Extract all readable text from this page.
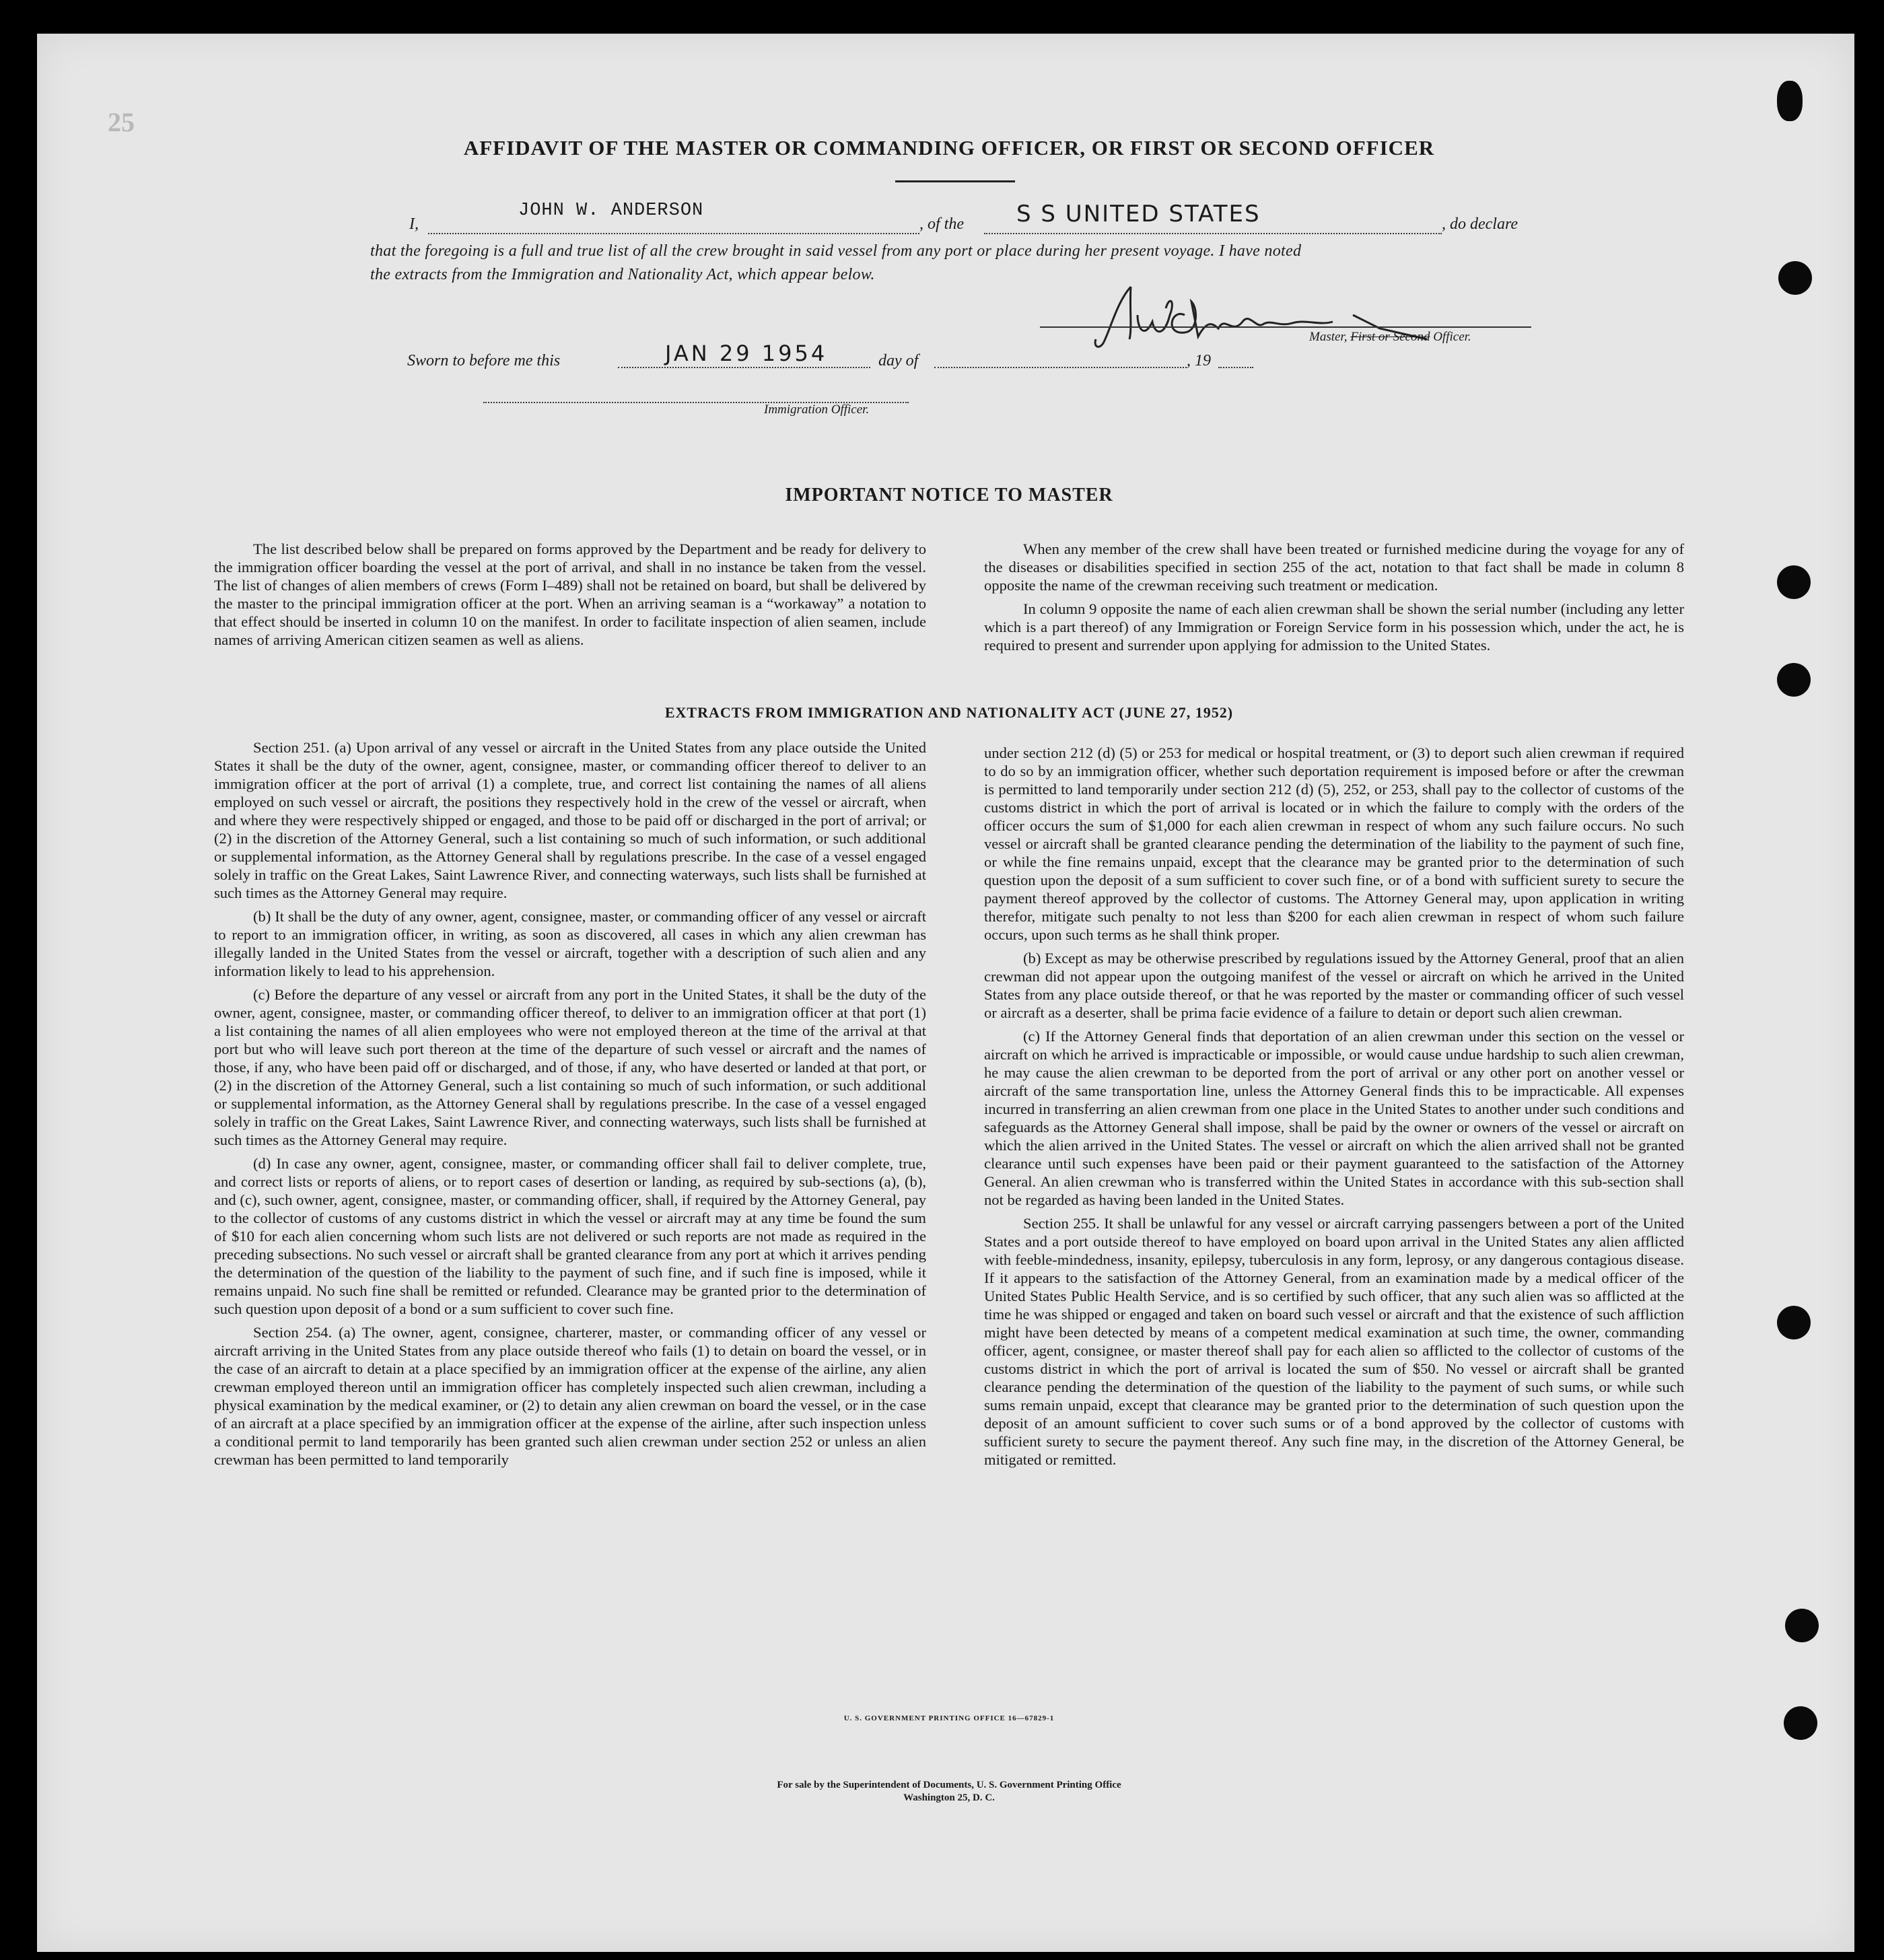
25
AFFIDAVIT OF THE MASTER OR COMMANDING OFFICER, OR FIRST OR SECOND OFFICER
I,
JOHN W. ANDERSON
, of the S S UNITED STATES	, do declare
that the foregoing is a full and true list of all the crew brought in said vessel from any port or place during her present voyage. I have noted
the extracts from the Immigration and Nationality Act, which appear below.
Master, First or Second Officer.
Sworn to before me this	JAN 29 1954	day of	, 19
Immigration Officer.
IMPORTANT NOTICE TO MASTER

The list described below shall be prepared on forms approved by the Department and be ready for delivery to the immigration officer boarding the vessel at the port of arrival, and shall in no instance be taken from the vessel. The list of changes of alien members of crews (Form I–489) shall not be retained on board, but shall be delivered by the master to the principal immigration officer at the port. When an arriving seaman is a “workaway” a notation to that effect should be inserted in column 10 on the manifest. In order to facilitate inspection of alien seamen, include names of arriving American citizen seamen as well as aliens.

When any member of the crew shall have been treated or furnished medicine during the voyage for any of the diseases or disabilities specified in section 255 of the act, notation to that fact shall be made in column 8 opposite the name of the crewman receiving such treatment or medication.

In column 9 opposite the name of each alien crewman shall be shown the serial number (including any letter which is a part thereof) of any Immigration or Foreign Service form in his possession which, under the act, he is required to present and surrender upon applying for admission to the United States.

EXTRACTS FROM IMMIGRATION AND NATIONALITY ACT (JUNE 27, 1952)

Section 251. (a) Upon arrival of any vessel or aircraft in the United States from any place outside the United States it shall be the duty of the owner, agent, consignee, master, or commanding officer thereof to deliver to an immigration officer at the port of arrival (1) a complete, true, and correct list containing the names of all aliens employed on such vessel or aircraft, the positions they respectively hold in the crew of the vessel or aircraft, when and where they were respectively shipped or engaged, and those to be paid off or discharged in the port of arrival; or (2) in the discretion of the Attorney General, such a list containing so much of such information, or such additional or supplemental information, as the Attorney General shall by regulations prescribe. In the case of a vessel engaged solely in traffic on the Great Lakes, Saint Lawrence River, and connecting waterways, such lists shall be furnished at such times as the Attorney General may require.

(b) It shall be the duty of any owner, agent, consignee, master, or commanding officer of any vessel or aircraft to report to an immigration officer, in writing, as soon as discovered, all cases in which any alien crewman has illegally landed in the United States from the vessel or aircraft, together with a description of such alien and any information likely to lead to his apprehension.

(c) Before the departure of any vessel or aircraft from any port in the United States, it shall be the duty of the owner, agent, consignee, master, or commanding officer thereof, to deliver to an immigration officer at that port (1) a list containing the names of all alien employees who were not employed thereon at the time of the arrival at that port but who will leave such port thereon at the time of the departure of such vessel or aircraft and the names of those, if any, who have been paid off or discharged, and of those, if any, who have deserted or landed at that port, or (2) in the discretion of the Attorney General, such a list containing so much of such information, or such additional or supplemental information, as the Attorney General shall by regulations prescribe. In the case of a vessel engaged solely in traffic on the Great Lakes, Saint Lawrence River, and connecting waterways, such lists shall be furnished at such times as the Attorney General may require.

(d) In case any owner, agent, consignee, master, or commanding officer shall fail to deliver complete, true, and correct lists or reports of aliens, or to report cases of desertion or landing, as required by sub-sections (a), (b), and (c), such owner, agent, consignee, master, or commanding officer, shall, if required by the Attorney General, pay to the collector of customs of any customs district in which the vessel or aircraft may at any time be found the sum of $10 for each alien concerning whom such lists are not delivered or such reports are not made as required in the preceding subsections. No such vessel or aircraft shall be granted clearance from any port at which it arrives pending the determination of the question of the liability to the payment of such fine, and if such fine is imposed, while it remains unpaid. No such fine shall be remitted or refunded. Clearance may be granted prior to the determination of such question upon deposit of a bond or a sum sufficient to cover such fine.

Section 254. (a) The owner, agent, consignee, charterer, master, or commanding officer of any vessel or aircraft arriving in the United States from any place outside thereof who fails (1) to detain on board the vessel, or in the case of an aircraft to detain at a place specified by an immigration officer at the expense of the airline, any alien crewman employed thereon until an immigration officer has completely inspected such alien crewman, including a physical examination by the medical examiner, or (2) to detain any alien crewman on board the vessel, or in the case of an aircraft at a place specified by an immigration officer at the expense of the airline, after such inspection unless a conditional permit to land temporarily has been granted such alien crewman under section 252 or unless an alien crewman has been permitted to land temporarily

under section 212 (d) (5) or 253 for medical or hospital treatment, or (3) to deport such alien crewman if required to do so by an immigration officer, whether such deportation requirement is imposed before or after the crewman is permitted to land temporarily under section 212 (d) (5), 252, or 253, shall pay to the collector of customs of the customs district in which the port of arrival is located or in which the failure to comply with the orders of the officer occurs the sum of $1,000 for each alien crewman in respect of whom any such failure occurs. No such vessel or aircraft shall be granted clearance pending the determination of the liability to the payment of such fine, or while the fine remains unpaid, except that the clearance may be granted prior to the determination of such question upon the deposit of a sum sufficient to cover such fine, or of a bond with sufficient surety to secure the payment thereof approved by the collector of customs. The Attorney General may, upon application in writing therefor, mitigate such penalty to not less than $200 for each alien crewman in respect of whom such failure occurs, upon such terms as he shall think proper.

(b) Except as may be otherwise prescribed by regulations issued by the Attorney General, proof that an alien crewman did not appear upon the outgoing manifest of the vessel or aircraft on which he arrived in the United States from any place outside thereof, or that he was reported by the master or commanding officer of such vessel or aircraft as a deserter, shall be prima facie evidence of a failure to detain or deport such alien crewman.

(c) If the Attorney General finds that deportation of an alien crewman under this section on the vessel or aircraft on which he arrived is impracticable or impossible, or would cause undue hardship to such alien crewman, he may cause the alien crewman to be deported from the port of arrival or any other port on another vessel or aircraft of the same transportation line, unless the Attorney General finds this to be impracticable. All expenses incurred in transferring an alien crewman from one place in the United States to another under such conditions and safeguards as the Attorney General shall impose, shall be paid by the owner or owners of the vessel or aircraft on which the alien arrived in the United States. The vessel or aircraft on which the alien arrived shall not be granted clearance until such expenses have been paid or their payment guaranteed to the satisfaction of the Attorney General. An alien crewman who is transferred within the United States in accordance with this sub-section shall not be regarded as having been landed in the United States.

Section 255. It shall be unlawful for any vessel or aircraft carrying passengers between a port of the United States and a port outside thereof to have employed on board upon arrival in the United States any alien afflicted with feeble-mindedness, insanity, epilepsy, tuberculosis in any form, leprosy, or any dangerous contagious disease. If it appears to the satisfaction of the Attorney General, from an examination made by a medical officer of the United States Public Health Service, and is so certified by such officer, that any such alien was so afflicted at the time he was shipped or engaged and taken on board such vessel or aircraft and that the existence of such affliction might have been detected by means of a competent medical examination at such time, the owner, commanding officer, agent, consignee, or master thereof shall pay for each alien so afflicted to the collector of customs of the customs district in which the port of arrival is located the sum of $50. No vessel or aircraft shall be granted clearance pending the determination of the question of the liability to the payment of such sums, or while such sums remain unpaid, except that clearance may be granted prior to the determination of such question upon the deposit of an amount sufficient to cover such sums or of a bond approved by the collector of customs with sufficient surety to secure the payment thereof. Any such fine may, in the discretion of the Attorney General, be mitigated or remitted.

U. S. GOVERNMENT PRINTING OFFICE 16—67829-1
For sale by the Superintendent of Documents, U. S. Government Printing Office
Washington 25, D. C.
